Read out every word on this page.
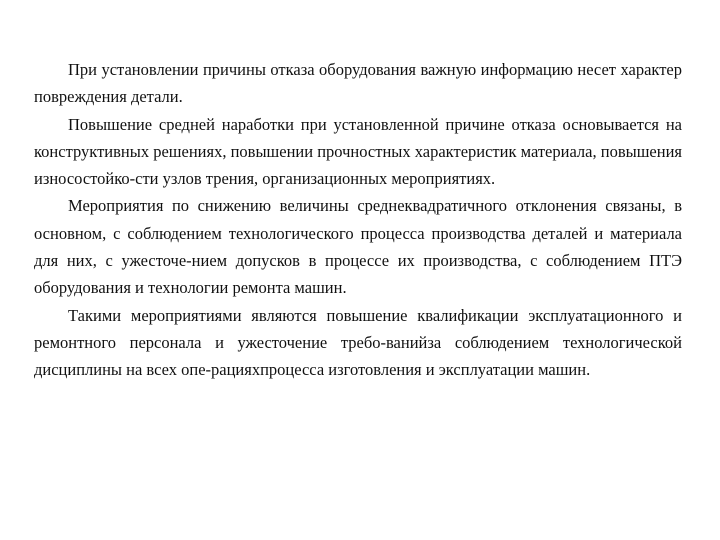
При установлении причины отказа оборудования важную информацию несет характер повреждения детали.

Повышение средней наработки при установленной причине отказа основывается на конструктивных решениях, повышении прочностных характеристик материала, повышения износостойко-сти узлов трения, организационных мероприятиях.

Мероприятия по снижению величины среднеквадратичного отклонения связаны, в основном, с соблюдением технологического процесса производства деталей и материала для них, с ужесточе-нием допусков в процессе их производства, с соблюдением ПТЭ оборудования и технологии ремонта машин.

Такими мероприятиями являются повышение квалификации эксплуатационного и ремонтного персонала и ужесточение требо-ванийза соблюдением технологической дисциплины на всех опе-рацияхпроцесса изготовления и эксплуатации машин.
